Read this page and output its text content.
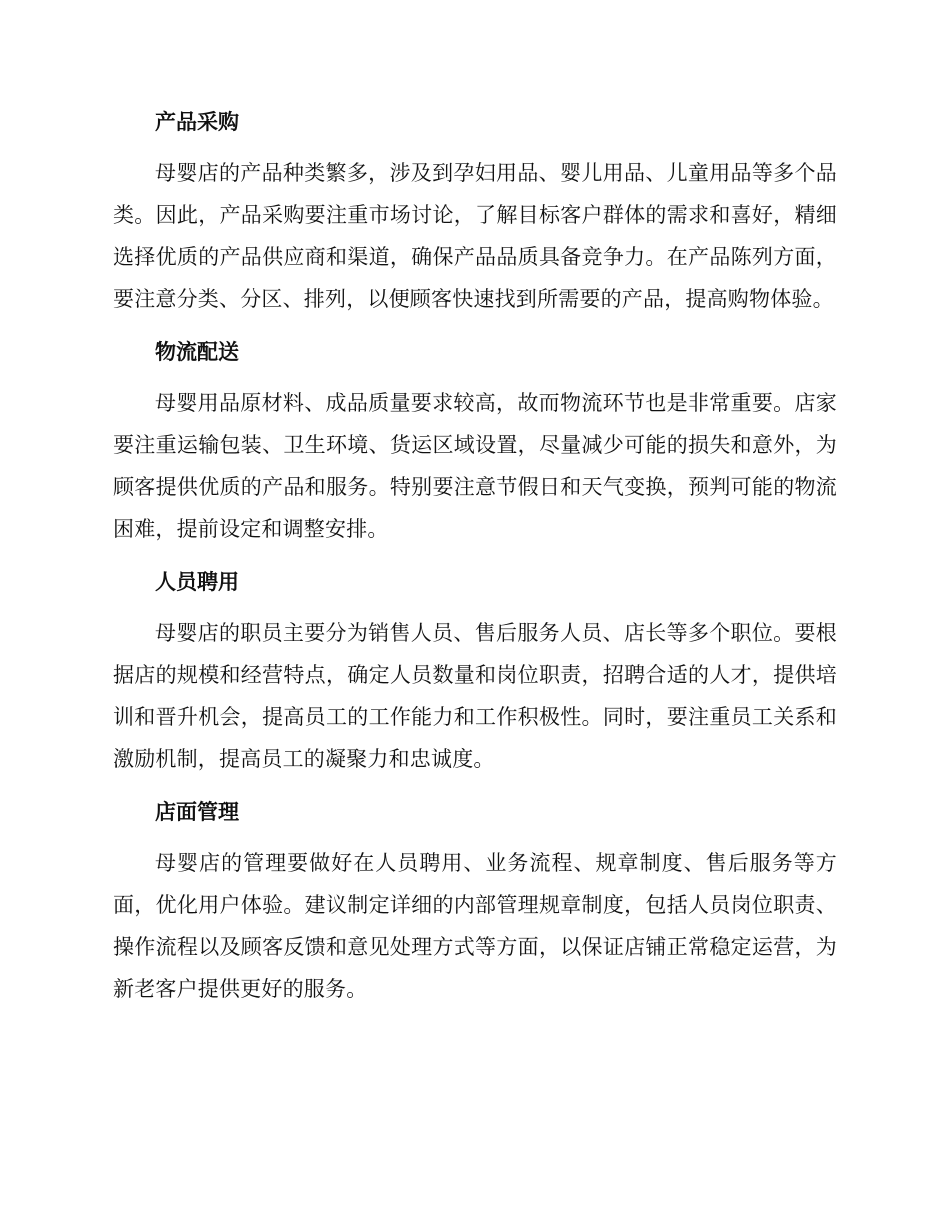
产品采购

母婴店的产品种类繁多，涉及到孕妇用品、婴儿用品、儿童用品等多个品类。因此，产品采购要注重市场讨论，了解目标客户群体的需求和喜好，精细选择优质的产品供应商和渠道，确保产品品质具备竞争力。在产品陈列方面，要注意分类、分区、排列，以便顾客快速找到所需要的产品，提高购物体验。

物流配送

母婴用品原材料、成品质量要求较高，故而物流环节也是非常重要。店家要注重运输包装、卫生环境、货运区域设置，尽量减少可能的损失和意外，为顾客提供优质的产品和服务。特别要注意节假日和天气变换，预判可能的物流困难，提前设定和调整安排。

人员聘用

母婴店的职员主要分为销售人员、售后服务人员、店长等多个职位。要根据店的规模和经营特点，确定人员数量和岗位职责，招聘合适的人才，提供培训和晋升机会，提高员工的工作能力和工作积极性。同时，要注重员工关系和激励机制，提高员工的凝聚力和忠诚度。

店面管理

母婴店的管理要做好在人员聘用、业务流程、规章制度、售后服务等方面，优化用户体验。建议制定详细的内部管理规章制度，包括人员岗位职责、操作流程以及顾客反馈和意见处理方式等方面，以保证店铺正常稳定运营，为新老客户提供更好的服务。
